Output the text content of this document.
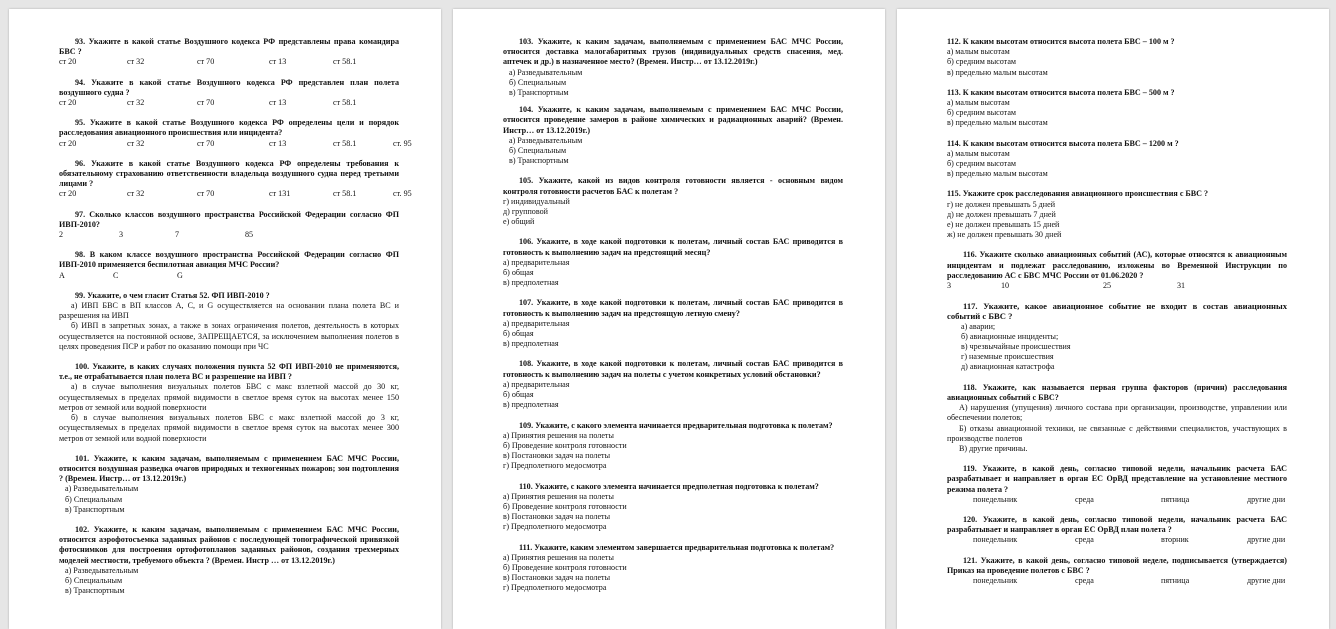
93. Укажите в какой статье Воздушного кодекса РФ представлены права командира БВС ?
ст 20	ст 32	ст 70	ст 13	ст 58.1
94. Укажите в какой статье Воздушного кодекса РФ представлен план полета воздушного судна ?
ст 20	ст 32	ст 70	ст 13	ст 58.1
95. Укажите в какой статье Воздушного кодекса РФ определены цели и порядок расследования авиационного происшествия или инцидента?
ст 20	ст 32	ст 70	ст 13	ст 58.1	ст. 95
96. Укажите в какой статье Воздушного кодекса РФ определены требования к обязательному страхованию ответственности владельца воздушного судна перед третьими лицами ?
ст 20	ст 32	ст 70	ст 131	ст 58.1	ст. 95
97. Сколько классов воздушного пространства Российской Федерации согласно ФП ИВП-2010?
2	3	7	85
98. В каком классе воздушного пространства Российской Федерации согласно ФП ИВП-2010 применяется беспилотная авиация МЧС России?
А	С	G
99. Укажите, о чем гласит Статья 52. ФП ИВП-2010 ?
а) ИВП БВС в ВП классов А, С, и G осуществляется на основании плана полета ВС и разрешения на ИВП
б) ИВП в запретных зонах, а также в зонах ограничения полетов, деятельность в которых осуществляется на постоянной основе, ЗАПРЕЩАЕТСЯ, за исключением выполнения полетов в целях проведения ПСР и работ по оказанию помощи при ЧС
100. Укажите, в каких случаях положения пункта 52 ФП ИВП-2010 не применяются, т.е., не отрабатывается план полета ВС и разрешение на ИВП ?
а) в случае выполнения визуальных полетов БВС с макс взлетной массой до 30 кг, осуществляемых в пределах прямой видимости в светлое время суток на высотах менее 150 метров от земной или водной поверхности
б) в случае выполнения визуальных полетов БВС с макс взлетной массой до 3 кг, осуществляемых в пределах прямой видимости в светлое время суток на высотах менее 300 метров от земной или водной поверхности
101. Укажите, к каким задачам, выполняемым с применением БАС МЧС России, относится воздушная разведка очагов природных и техногенных пожаров; зон подтопления ? (Времен. Инстр… от 13.12.2019г.)
а) Разведывательным
б) Специальным
в) Транспортным
102. Укажите, к каким задачам, выполняемым с применением БАС МЧС России, относится аэрофотосъемка заданных районов с последующей топографической привязкой фотоснимков для построения ортофотопланов заданных районов, создания трехмерных моделей местности, требуемого объекта ? (Времен. Инстр … от 13.12.2019г.)
а) Разведывательным
б) Специальным
в) Транспортным
103. Укажите, к каким задачам, выполняемым с применением БАС МЧС России, относится доставка малогабаритных грузов (индивидуальных средств спасения, мед. аптечек и др.) в назначенное место? (Времен. Инстр… от 13.12.2019г.)
а) Разведывательным
б) Специальным
в) Транспортным
104. Укажите, к каким задачам, выполняемым с применением БАС МЧС России, относится проведение замеров в районе химических и радиационных аварий? (Времен. Инстр… от 13.12.2019г.)
а) Разведывательным
б) Специальным
в) Транспортным
105. Укажите, какой из видов контроля готовности является - основным видом контроля готовности расчетов БАС к полетам ?
г) индивидуальный
д) групповой
е) общий
106. Укажите, в ходе какой подготовки к полетам, личный состав БАС приводится в готовность к выполнению задач на предстоящий месяц?
а) предварительная
б) общая
в) предполетная
107. Укажите, в ходе какой подготовки к полетам, личный состав БАС приводится в готовность к выполнению задач на предстоящую летную смену?
а) предварительная
б) общая
в) предполетная
108. Укажите, в ходе какой подготовки к полетам, личный состав БАС приводится в готовность к выполнению задач на полеты с учетом конкретных условий обстановки?
а) предварительная
б) общая
в) предполетная
109. Укажите, с какого элемента начинается предварительная подготовка к полетам?
а) Принятия решения на полеты
б) Проведение контроля готовности
в) Постановки задач на полеты
г) Предполетного медосмотра
110. Укажите, с какого элемента начинается предполетная подготовка к полетам?
а) Принятия решения на полеты
б) Проведение контроля готовности
в) Постановки задач на полеты
г) Предполетного медосмотра
111. Укажите, каким элементом завершается предварительная подготовка к полетам?
а) Принятия решения на полеты
б) Проведение контроля готовности
в) Постановки задач на полеты
г) Предполетного медосмотра
112. К каким высотам относится высота полета БВС – 100 м ?
а) малым высотам
б) средним высотам
в) предельно малым высотам
113. К каким высотам относится высота полета БВС – 500 м ?
а) малым высотам
б) средним высотам
в) предельно малым высотам
114. К каким высотам относится высота полета БВС – 1200 м ?
а) малым высотам
б) средним высотам
в) предельно малым высотам
115. Укажите срок расследования авиационного происшествия с БВС ?
г) не должен превышать 5 дней
д) не должен превышать 7 дней
е) не должен превышать 15 дней
ж) не должен превышать 30 дней
116. Укажите сколько авиационных событий (АС), которые относятся к авиационным инцидентам и подлежат расследованию, изложены во Временной Инструкции по расследованию АС с БВС МЧС России от 01.06.2020 ?
3	10	25	31
117. Укажите, какое авиационное событие не входит в состав авиационных событий с БВС ?
а) аварии;
б) авиационные инциденты;
в) чрезвычайные происшествия
г) наземные происшествия
д) авиационная катастрофа
118. Укажите, как называется первая группа факторов (причин) расследования авиационных событий с БВС?
А) нарушения (упущения) личного состава при организации, производстве, управлении или обеспечении полетов;
Б) отказы авиационной техники, не связанные с действиями специалистов, участвующих в производстве полетов
В) другие причины.
119. Укажите, в какой день, согласно типовой недели, начальник расчета БАС разрабатывает и направляет в орган ЕС ОрВД представление на установление местного режима полета ?
понедельник	среда	пятница	другие дни
120. Укажите, в какой день, согласно типовой недели, начальник расчета БАС разрабатывает и направляет в орган ЕС ОрВД план полета ?
понедельник	среда	вторник	другие дни
121. Укажите, в какой день, согласно типовой неделе, подписывается (утверждается) Приказ на проведение полетов с БВС ?
понедельник	среда	пятница	другие дни
